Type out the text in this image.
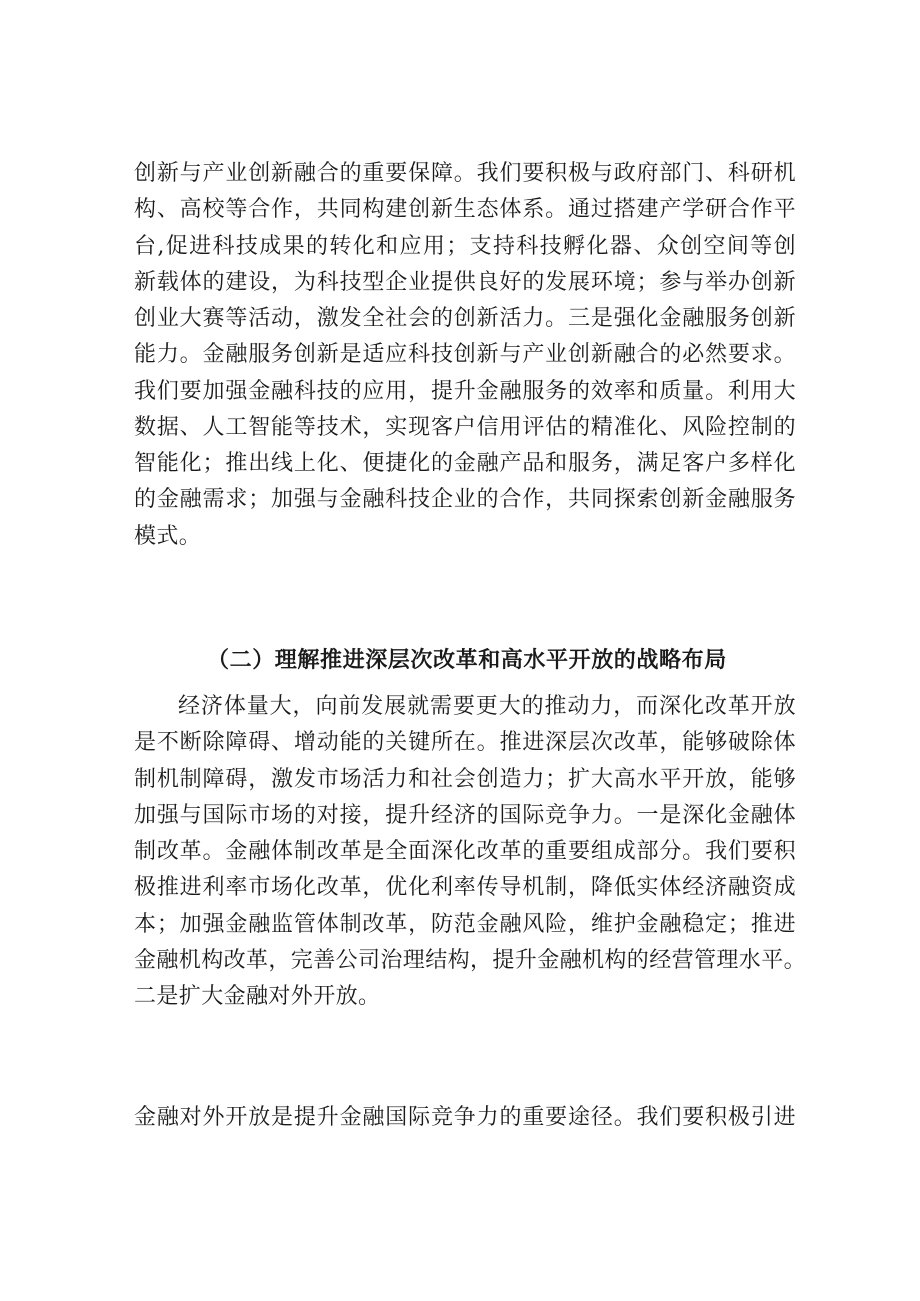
创新与产业创新融合的重要保障。我们要积极与政府部门、科研机
构、高校等合作，共同构建创新生态体系。通过搭建产学研合作平
台,促进科技成果的转化和应用；支持科技孵化器、众创空间等创
新载体的建设，为科技型企业提供良好的发展环境；参与举办创新
创业大赛等活动，激发全社会的创新活力。三是强化金融服务创新
能力。金融服务创新是适应科技创新与产业创新融合的必然要求。
我们要加强金融科技的应用，提升金融服务的效率和质量。利用大
数据、人工智能等技术，实现客户信用评估的精准化、风险控制的
智能化；推出线上化、便捷化的金融产品和服务，满足客户多样化
的金融需求；加强与金融科技企业的合作，共同探索创新金融服务
模式。

（二）理解推进深层次改革和高水平开放的战略布局

经济体量大，向前发展就需要更大的推动力，而深化改革开放
是不断除障碍、增动能的关键所在。推进深层次改革，能够破除体
制机制障碍，激发市场活力和社会创造力；扩大高水平开放，能够
加强与国际市场的对接，提升经济的国际竞争力。一是深化金融体
制改革。金融体制改革是全面深化改革的重要组成部分。我们要积
极推进利率市场化改革，优化利率传导机制，降低实体经济融资成
本；加强金融监管体制改革，防范金融风险，维护金融稳定；推进
金融机构改革，完善公司治理结构，提升金融机构的经营管理水平。
二是扩大金融对外开放。

金融对外开放是提升金融国际竞争力的重要途径。我们要积极引进
